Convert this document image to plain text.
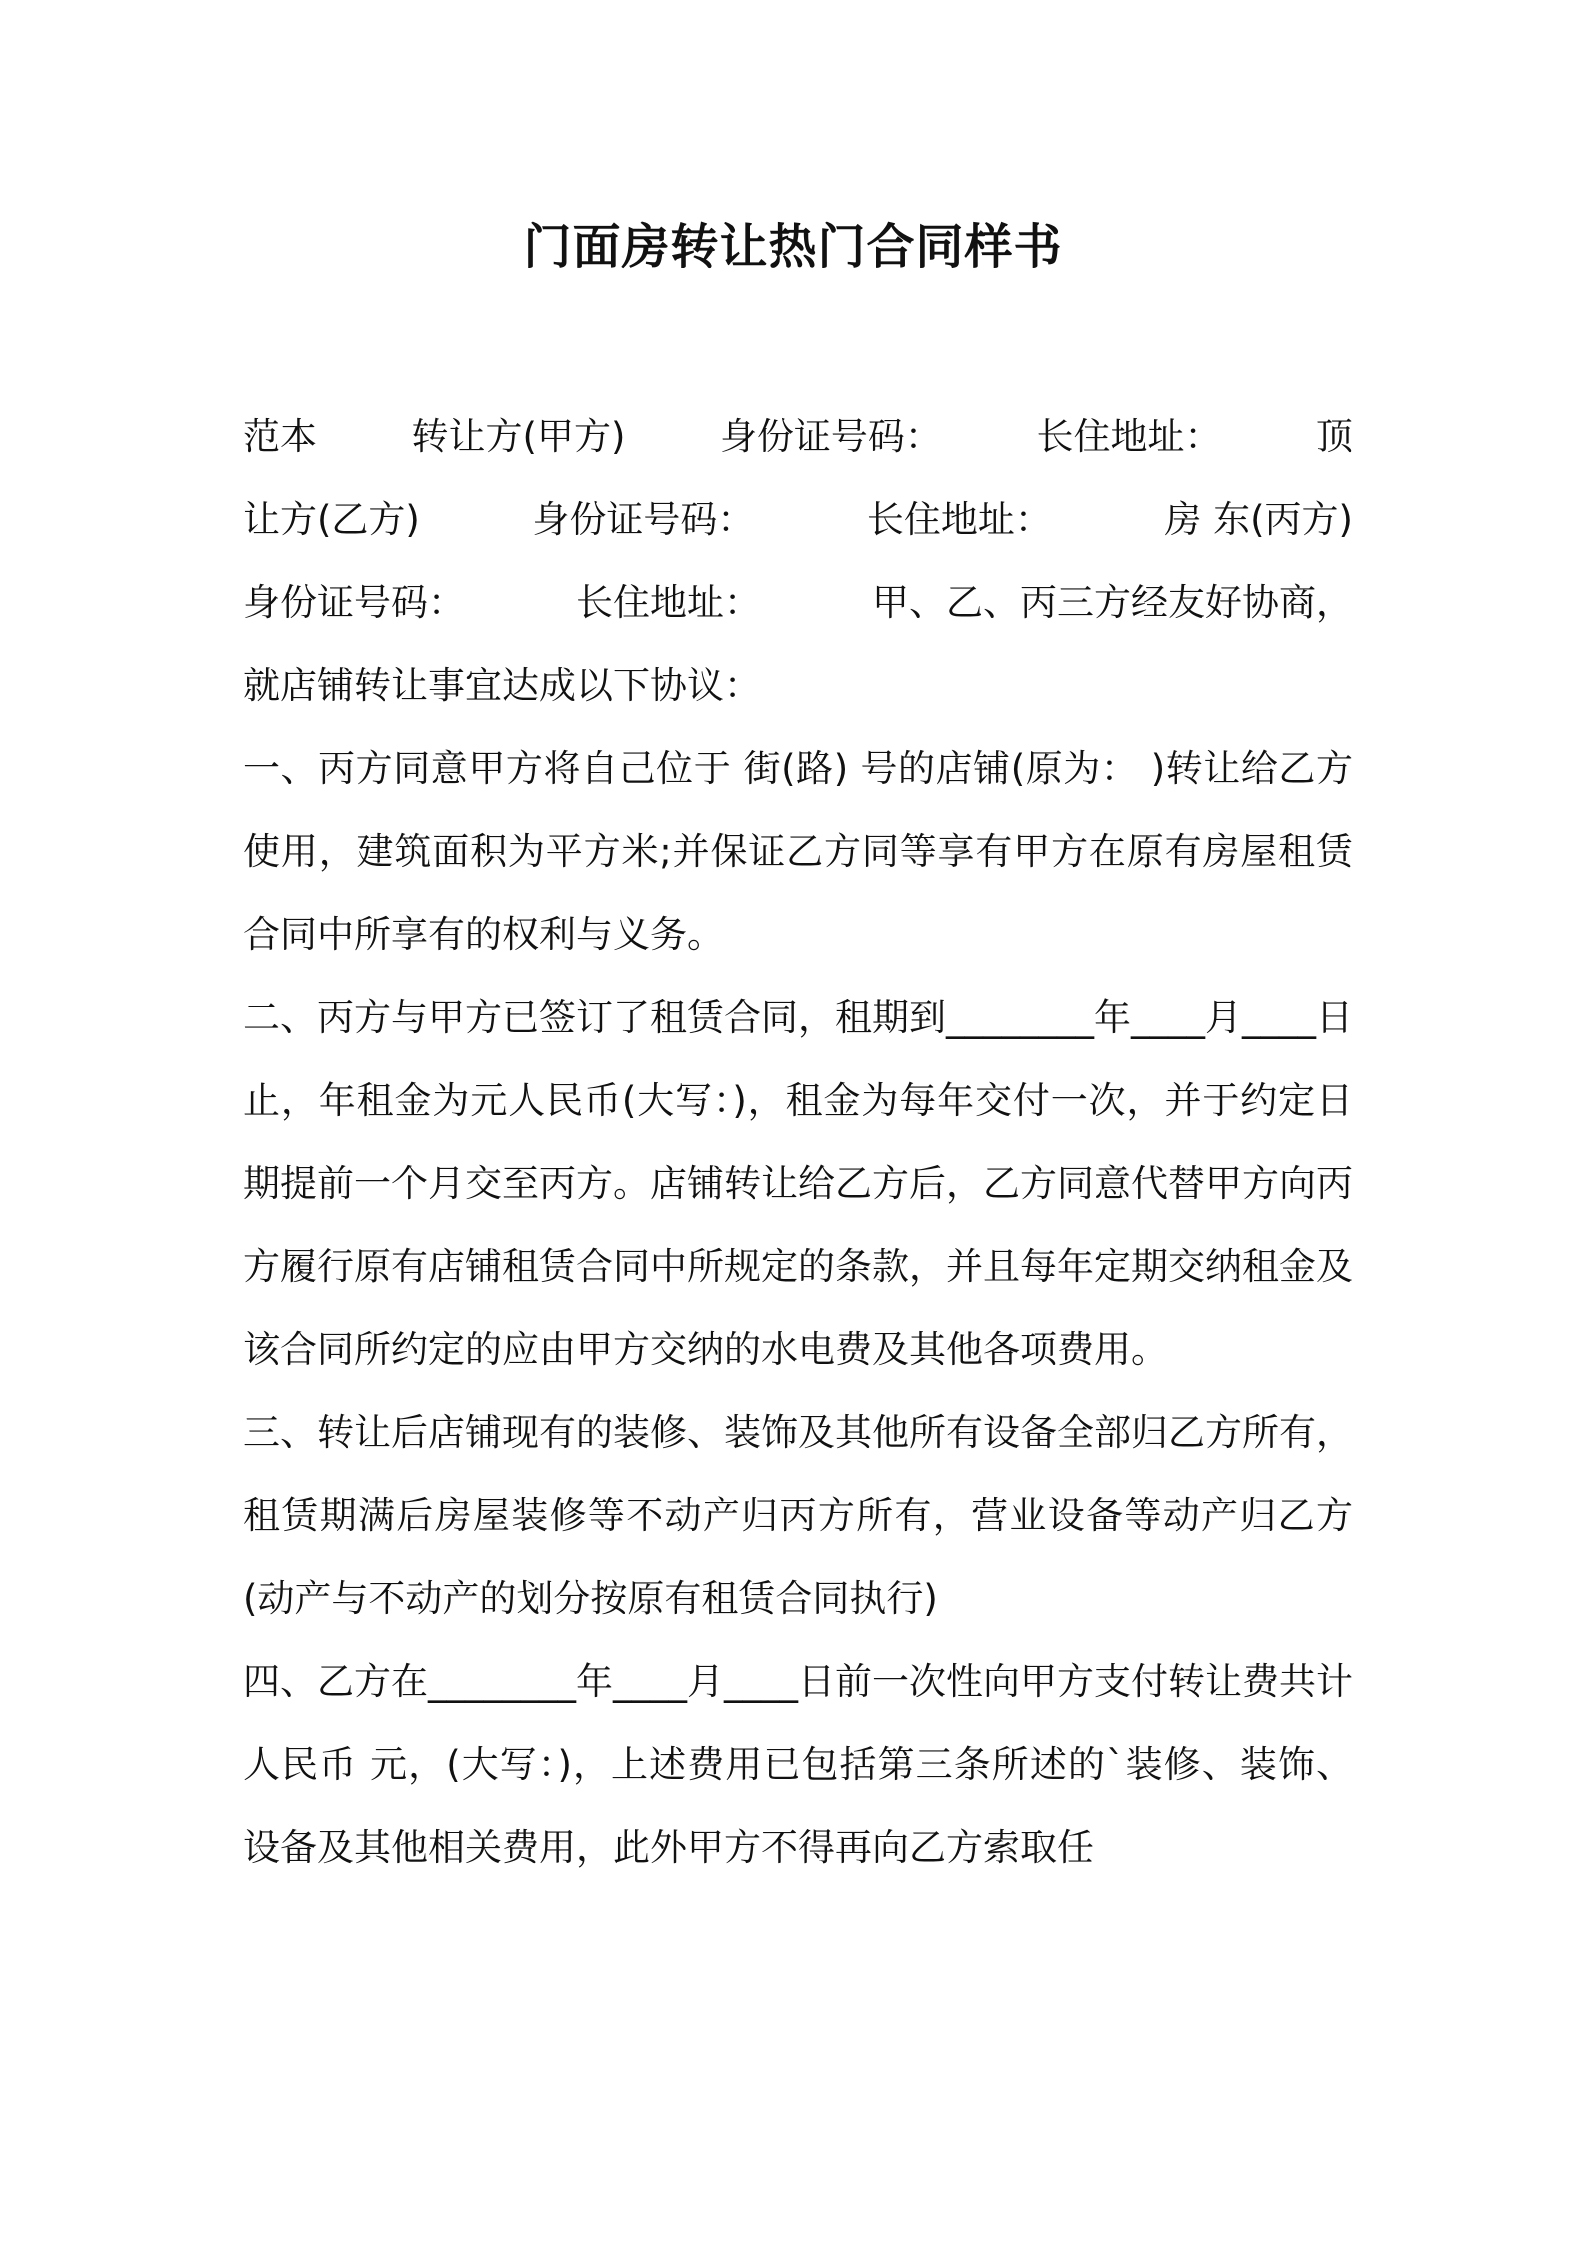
门面房转让热门合同样书
范本	转让方(甲方)	身份证号码：	长住地址：	顶
让方(乙方)	身份证号码：	长住地址：	房 东(丙方)
身份证号码：	长住地址：	甲、乙、丙三方经友好协商，
就店铺转让事宜达成以下协议：

一、丙方同意甲方将自己位于 街(路) 号的店铺(原为： )转让给乙方使用，建筑面积为平方米;并保证乙方同等享有甲方在原有房屋租赁合同中所享有的权利与义务。

二、丙方与甲方已签订了租赁合同，租期到________年____月____日止，年租金为元人民币(大写：)，租金为每年交付一次，并于约定日期提前一个月交至丙方。店铺转让给乙方后，乙方同意代替甲方向丙方履行原有店铺租赁合同中所规定的条款，并且每年定期交纳租金及该合同所约定的应由甲方交纳的水电费及其他各项费用。

三、转让后店铺现有的装修、装饰及其他所有设备全部归乙方所有，租赁期满后房屋装修等不动产归丙方所有，营业设备等动产归乙方(动产与不动产的划分按原有租赁合同执行)

四、乙方在________年____月____日前一次性向甲方支付转让费共计人民币 元，(大写：)，上述费用已包括第三条所述的`装修、装饰、设备及其他相关费用，此外甲方不得再向乙方索取任
